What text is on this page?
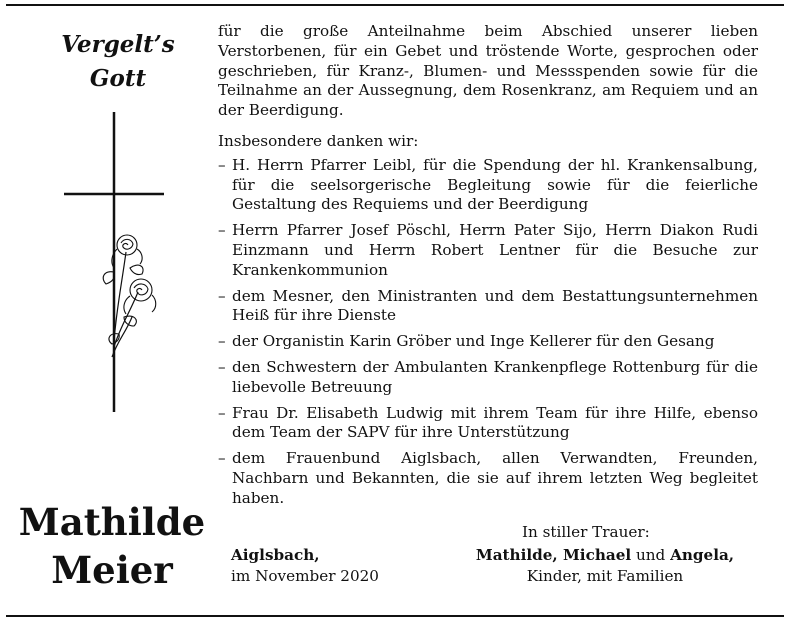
Vergelt’s
Gott
Mathilde
Meier

für die große Anteilnahme beim Abschied unserer lieben Verstorbenen, für ein Gebet und tröstende Worte, gesprochen oder geschrieben, für Kranz-, Blumen- und Messspenden sowie für die Teilnahme an der Aussegnung, dem Rosenkranz, am Requiem und an der Beerdigung.

Insbesondere danken wir:
– H. Herrn Pfarrer Leibl, für die Spendung der hl. Krankensalbung, für die seelsorgerische Begleitung sowie für die feierliche Gestaltung des Requiems und der Beerdigung
– Herrn Pfarrer Josef Pöschl, Herrn Pater Sijo, Herrn Diakon Rudi Einzmann und Herrn Robert Lentner für die Besuche zur Krankenkommunion
– dem Mesner, den Ministranten und dem Bestattungsunternehmen Heiß für ihre Dienste
– der Organistin Karin Gröber und Inge Kellerer für den Gesang
– den Schwestern der Ambulanten Krankenpflege Rottenburg für die liebevolle Betreuung
– Frau Dr. Elisabeth Ludwig mit ihrem Team für ihre Hilfe, ebenso dem Team der SAPV für ihre Unterstützung
– dem Frauenbund Aiglsbach, allen Verwandten, Freunden, Nachbarn und Bekannten, die sie auf ihrem letzten Weg begleitet haben.
In stiller Trauer:
Aiglsbach,
im November 2020
Mathilde, Michael und Angela,
Kinder, mit Familien
